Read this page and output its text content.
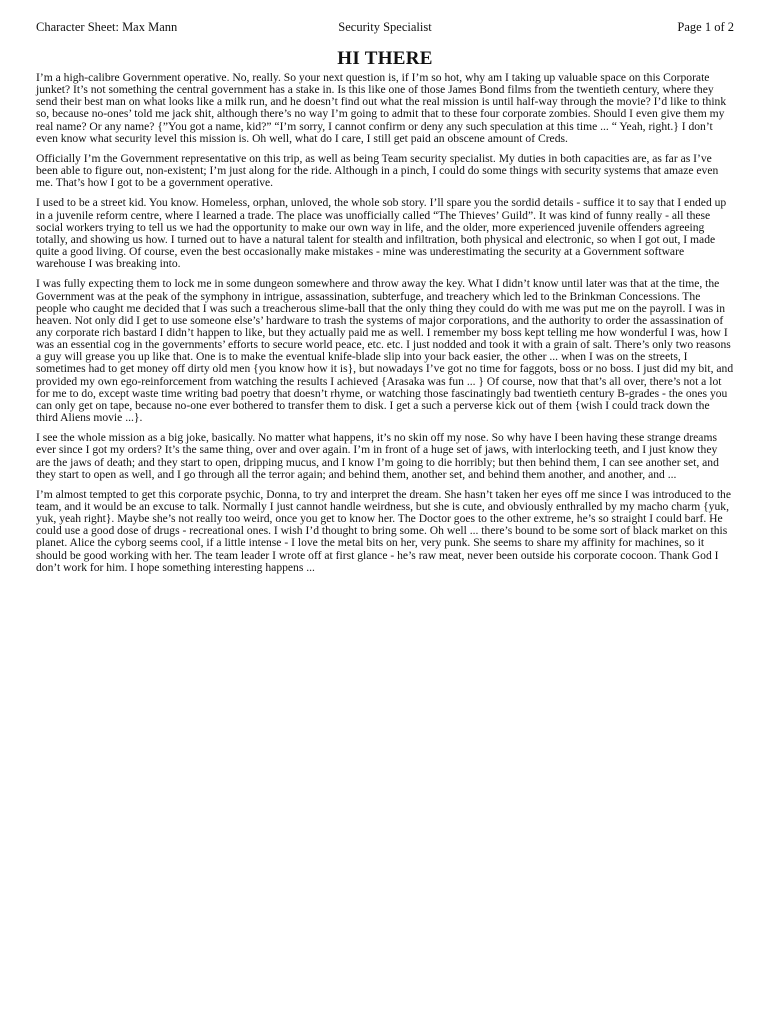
Character Sheet: Max Mann	Security Specialist	Page 1 of 2
HI THERE

I’m a high-calibre Government operative. No, really. So your next question is, if I’m so hot, why am I taking up valuable space on this Corporate junket? It’s not something the central government has a stake in. Is this like one of those James Bond films from the twentieth century, where they send their best man on what looks like a milk run, and he doesn’t find out what the real mission is until half-way through the movie? I’d like to think so, because no-ones’ told me jack shit, although there’s no way I’m going to admit that to these four corporate zombies. Should I even give them my real name? Or any name? {”You got a name, kid?” “I’m sorry, I cannot confirm or deny any such speculation at this time ... “ Yeah, right.} I don’t even know what security level this mission is. Oh well, what do I care, I still get paid an obscene amount of Creds.

Officially I’m the Government representative on this trip, as well as being Team security specialist. My duties in both capacities are, as far as I’ve been able to figure out, non-existent; I’m just along for the ride. Although in a pinch, I could do some things with security systems that amaze even me. That’s how I got to be a government operative.

I used to be a street kid. You know. Homeless, orphan, unloved, the whole sob story. I’ll spare you the sordid details - suffice it to say that I ended up in a juvenile reform centre, where I learned a trade. The place was unofficially called “The Thieves’ Guild”. It was kind of funny really - all these social workers trying to tell us we had the opportunity to make our own way in life, and the older, more experienced juvenile offenders agreeing totally, and showing us how. I turned out to have a natural talent for stealth and infiltration, both physical and electronic, so when I got out, I made quite a good living. Of course, even the best occasionally make mistakes - mine was underestimating the security at a Government software warehouse I was breaking into.

I was fully expecting them to lock me in some dungeon somewhere and throw away the key. What I didn’t know until later was that at the time, the Government was at the peak of the symphony in intrigue, assassination, subterfuge, and treachery which led to the Brinkman Concessions. The people who caught me decided that I was such a treacherous slime-ball that the only thing they could do with me was put me on the payroll. I was in heaven. Not only did I get to use someone else’s’ hardware to trash the systems of major corporations, and the authority to order the assassination of any corporate rich bastard I didn’t happen to like, but they actually paid me as well. I remember my boss kept telling me how wonderful I was, how I was an essential cog in the governments’ efforts to secure world peace, etc. etc. I just nodded and took it with a grain of salt. There’s only two reasons a guy will grease you up like that. One is to make the eventual knife-blade slip into your back easier, the other ... when I was on the streets, I sometimes had to get money off dirty old men {you know how it is}, but nowadays I’ve got no time for faggots, boss or no boss. I just did my bit, and provided my own ego-reinforcement from watching the results I achieved {Arasaka was fun ... } Of course, now that that’s all over, there’s not a lot for me to do, except waste time writing bad poetry that doesn’t rhyme, or watching those fascinatingly bad twentieth century B-grades - the ones you can only get on tape, because no-one ever bothered to transfer them to disk. I get a such a perverse kick out of them {wish I could track down the third Aliens movie ...}.

I see the whole mission as a big joke, basically. No matter what happens, it’s no skin off my nose. So why have I been having these strange dreams ever since I got my orders? It’s the same thing, over and over again. I’m in front of a huge set of jaws, with interlocking teeth, and I just know they are the jaws of death; and they start to open, dripping mucus, and I know I’m going to die horribly; but then behind them, I can see another set, and they start to open as well, and I go through all the terror again; and behind them, another set, and behind them another, and another, and ...

I’m almost tempted to get this corporate psychic, Donna, to try and interpret the dream. She hasn’t taken her eyes off me since I was introduced to the team, and it would be an excuse to talk. Normally I just cannot handle weirdness, but she is cute, and obviously enthralled by my macho charm {yuk, yuk, yeah right}. Maybe she’s not really too weird, once you get to know her. The Doctor goes to the other extreme, he’s so straight I could barf. He could use a good dose of drugs - recreational ones. I wish I’d thought to bring some. Oh well ... there’s bound to be some sort of black market on this planet. Alice the cyborg seems cool, if a little intense - I love the metal bits on her, very punk. She seems to share my affinity for machines, so it should be good working with her. The team leader I wrote off at first glance - he’s raw meat, never been outside his corporate cocoon. Thank God I don’t work for him. I hope something interesting happens ...
